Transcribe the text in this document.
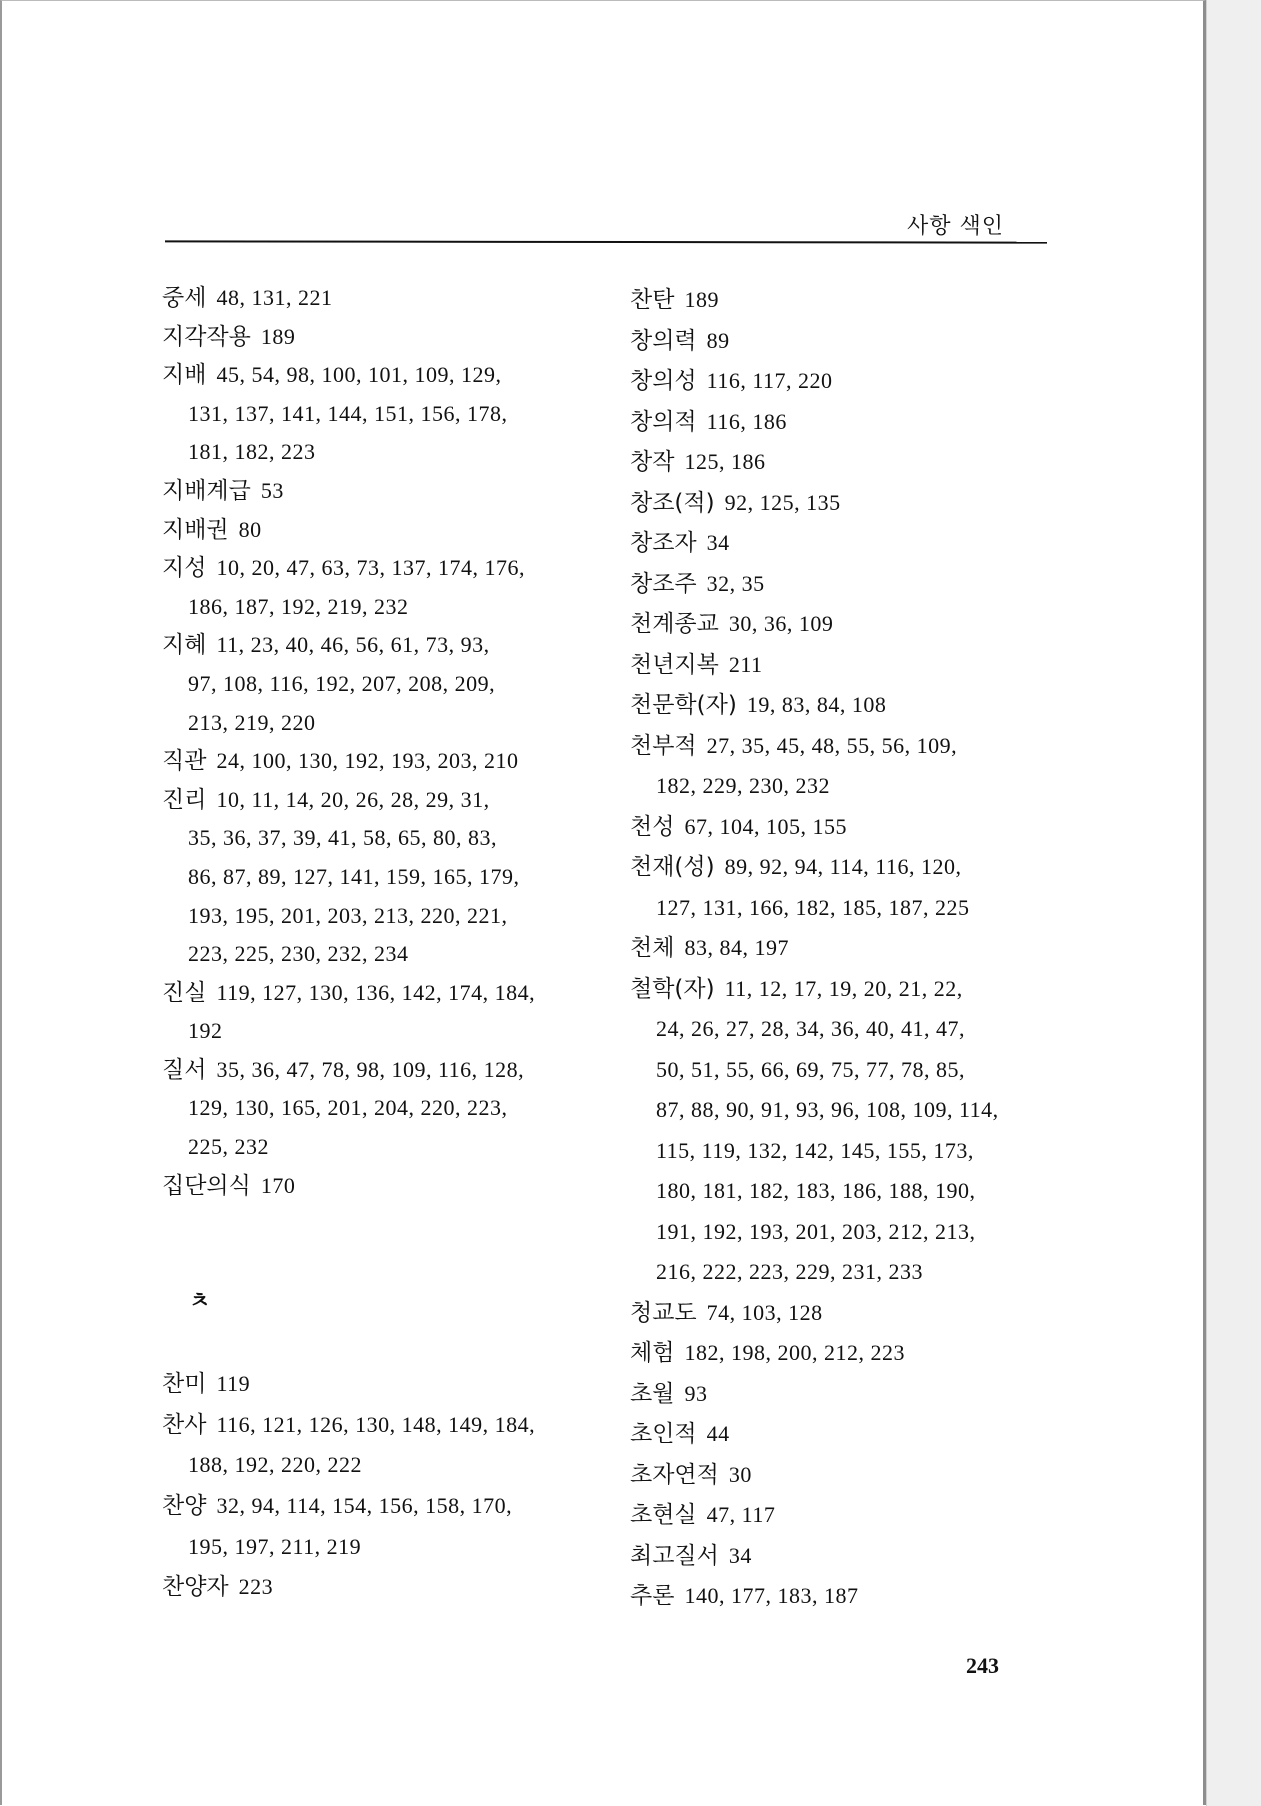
사항 색인
중세 48, 131, 221
지각작용 189
지배 45, 54, 98, 100, 101, 109, 129,
131, 137, 141, 144, 151, 156, 178,
181, 182, 223
지배계급 53
지배권 80
지성 10, 20, 47, 63, 73, 137, 174, 176,
186, 187, 192, 219, 232
지혜 11, 23, 40, 46, 56, 61, 73, 93,
97, 108, 116, 192, 207, 208, 209,
213, 219, 220
직관 24, 100, 130, 192, 193, 203, 210
진리 10, 11, 14, 20, 26, 28, 29, 31,
35, 36, 37, 39, 41, 58, 65, 80, 83,
86, 87, 89, 127, 141, 159, 165, 179,
193, 195, 201, 203, 213, 220, 221,
223, 225, 230, 232, 234
진실 119, 127, 130, 136, 142, 174, 184,
192
질서 35, 36, 47, 78, 98, 109, 116, 128,
129, 130, 165, 201, 204, 220, 223,
225, 232
집단의식 170
ㅊ
찬미 119
찬사 116, 121, 126, 130, 148, 149, 184,
188, 192, 220, 222
찬양 32, 94, 114, 154, 156, 158, 170,
195, 197, 211, 219
찬양자 223
찬탄 189
창의력 89
창의성 116, 117, 220
창의적 116, 186
창작 125, 186
창조(적) 92, 125, 135
창조자 34
창조주 32, 35
천계종교 30, 36, 109
천년지복 211
천문학(자) 19, 83, 84, 108
천부적 27, 35, 45, 48, 55, 56, 109,
182, 229, 230, 232
천성 67, 104, 105, 155
천재(성) 89, 92, 94, 114, 116, 120,
127, 131, 166, 182, 185, 187, 225
천체 83, 84, 197
철학(자) 11, 12, 17, 19, 20, 21, 22,
24, 26, 27, 28, 34, 36, 40, 41, 47,
50, 51, 55, 66, 69, 75, 77, 78, 85,
87, 88, 90, 91, 93, 96, 108, 109, 114,
115, 119, 132, 142, 145, 155, 173,
180, 181, 182, 183, 186, 188, 190,
191, 192, 193, 201, 203, 212, 213,
216, 222, 223, 229, 231, 233
청교도 74, 103, 128
체험 182, 198, 200, 212, 223
초월 93
초인적 44
초자연적 30
초현실 47, 117
최고질서 34
추론 140, 177, 183, 187
243
